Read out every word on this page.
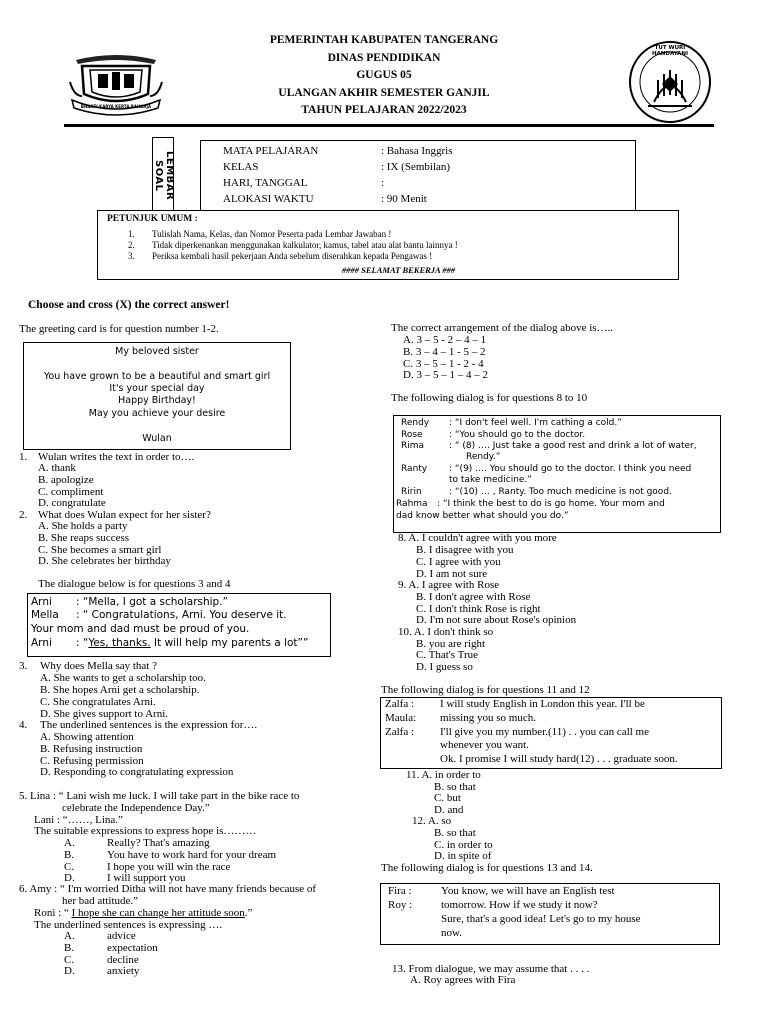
BHAKTI KARYA KERTA RAHARJA
TUT WURI HANDAYANI
PEMERINTAH KABUPATEN TANGERANG
DINAS PENDIDIKAN
GUGUS 05
ULANGAN AKHIR SEMESTER GANJIL
TAHUN PELAJARAN 2022/2023
LEMBAR SOAL
MATA PELAJARAN	: Bahasa Inggris
KELAS	: IX (Sembilan)
HARI, TANGGAL	:
ALOKASI WAKTU	: 90 Menit
PETUNJUK UMUM :
1. Tulislah Nama, Kelas, dan Nomor Peserta pada Lembar Jawaban !
2. Tidak diperkenankan menggunakan kalkulator, kamus, tabel atau alat bantu lainnya !
3. Periksa kembali hasil pekerjaan Anda sebelum diserahkan kepada Pengawas !
#### SELAMAT BEKERJA ###
Choose and cross (X) the correct answer!
The greeting card is for question number 1-2.
My beloved sister
You have grown to be a beautiful and smart girl
It's your special day
Happy Birthday!
May you achieve your desire
Wulan
1. Wulan writes the text in order to….
A. thank
B. apologize
C. compliment
D. congratulate
2. What does Wulan expect for her sister?
A. She holds a party
B. She reaps success
C. She becomes a smart girl
D. She celebrates her birthday
The dialogue below is for questions 3 and 4
Arni : “Mella, I got a scholarship.”
Mella : “ Congratulations, Arni. You deserve it.
Your mom and dad must be proud of you.
Arni : “Yes, thanks. It will help my parents a lot””
3. Why does Mella say that ?
A. She wants to get a scholarship too.
B. She hopes Arni get a scholarship.
C. She congratulates Arni.
D. She gives support to Arni.
4. The underlined sentences is the expression for….
A. Showing attention
B. Refusing instruction
C. Refusing permission
D. Responding to congratulating expression
5. Lina : “ Lani wish me luck. I will take part in the bike race to
celebrate the Independence Day.”
Lani : “……, Lina.”
The suitable expressions to express hope is………
A.	Really? That's amazing
B.	You have to work hard for your dream
C.	I hope you will win the race
D.	I will support you
6. Amy : “ I'm worried Ditha will not have many friends because of
her bad attitude.”
Roni : “ I hope she can change her attitude soon.”
The underlined sentences is expressing ….
A.	advice
B.	expectation
C.	decline
D.	anxiety
The correct arrangement of the dialog above is…..
A. 3 – 5 - 2 – 4 – 1
B. 3 – 4 – 1 - 5 – 2
C. 3 – 5 – 1 - 2 - 4
D. 3 – 5 – 1 – 4 – 2
The following dialog is for questions 8 to 10
Rendy : “I don't feel well. I'm cathing a cold.”
Rose	: “You should go to the doctor.
Rima	: “ (8) …. Just take a good rest and drink a lot of water,
Rendy.”
Ranty : “(9) …. You should go to the doctor. I think you need
to take medicine.”
Ririn	: “(10) … , Ranty. Too much medicine is not good.
Rahma : “I think the best to do is go home. Your mom and
dad know better what should you do.”
8. A. I couldn't agree with you more
B. I disagree with you
C. I agree with you
D. I am not sure
9. A. I agree with Rose
B. I don't agree with Rose
C. I don't think Rose is right
D. I'm not sure about Rose's opinion
10. A. I don't think so
B. you are right
C. That's True
D. I guess so
The following dialog is for questions 11 and 12
Zalfa : I will study English in London this year. I'll be
Maula: missing you so much.
Zalfa : I'll give you my number.(11) . . you can call me
whenever you want.
Ok. I promise I will study hard(12) . . . graduate soon.
11. A. in order to
B. so that
C. but
D. and
12. A. so
B. so that
C. in order to
D. in spite of
The following dialog is for questions 13 and 14.
Fira :	You know, we will have an English test
Roy :	tomorrow. How if we study it now?
Sure, that's a good idea! Let's go to my house
now.
13. From dialogue, we may assume that . . . .
A. Roy agrees with Fira
